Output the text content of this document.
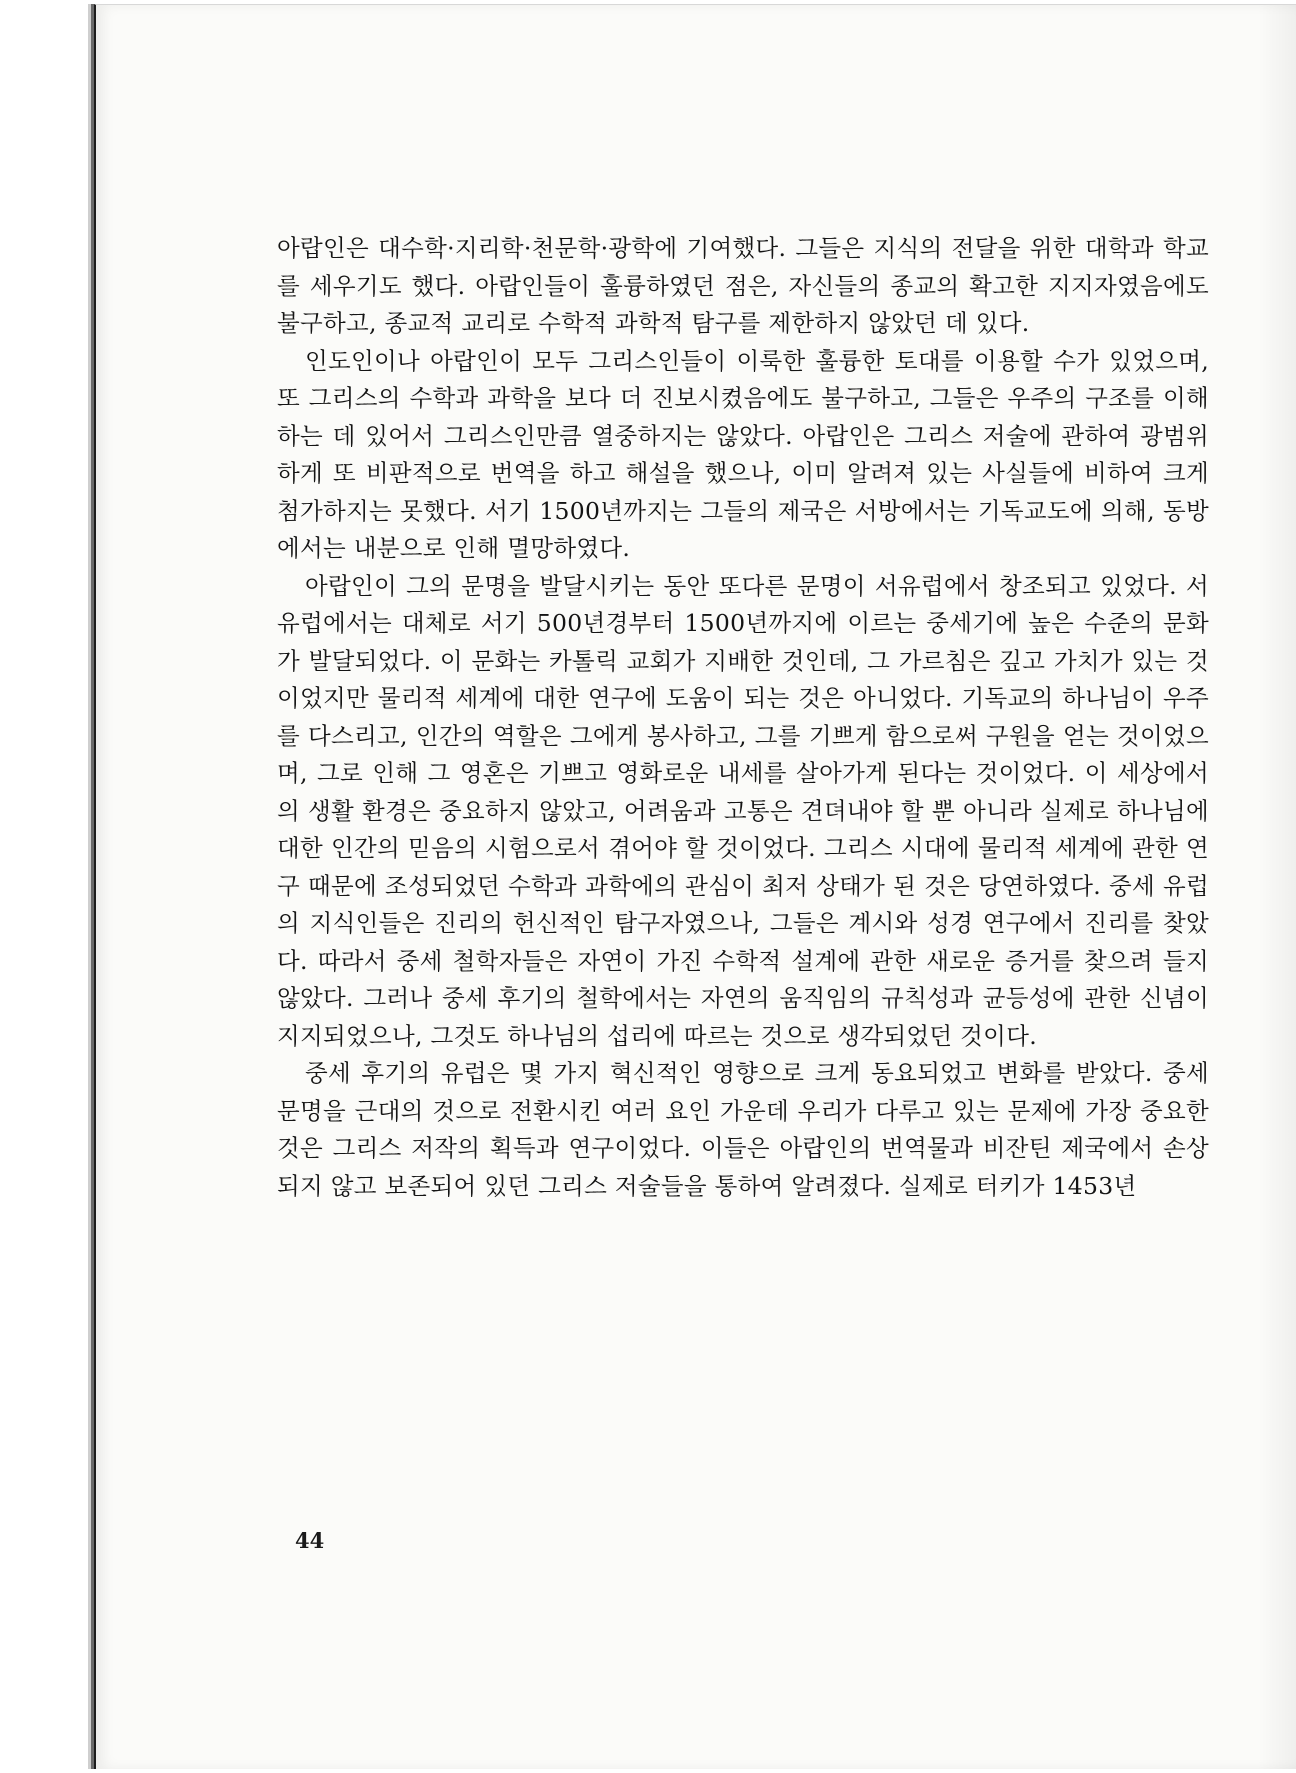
아랍인은 대수학·지리학·천문학·광학에 기여했다. 그들은 지식의 전달을 위한 대학과 학교를 세우기도 했다. 아랍인들이 훌륭하였던 점은, 자신들의 종교의 확고한 지지자였음에도 불구하고, 종교적 교리로 수학적 과학적 탐구를 제한하지 않았던 데 있다.

인도인이나 아랍인이 모두 그리스인들이 이룩한 훌륭한 토대를 이용할 수가 있었으며, 또 그리스의 수학과 과학을 보다 더 진보시켰음에도 불구하고, 그들은 우주의 구조를 이해하는 데 있어서 그리스인만큼 열중하지는 않았다. 아랍인은 그리스 저술에 관하여 광범위하게 또 비판적으로 번역을 하고 해설을 했으나, 이미 알려져 있는 사실들에 비하여 크게 첨가하지는 못했다. 서기 1500년까지는 그들의 제국은 서방에서는 기독교도에 의해, 동방에서는 내분으로 인해 멸망하였다.

아랍인이 그의 문명을 발달시키는 동안 또다른 문명이 서유럽에서 창조되고 있었다. 서유럽에서는 대체로 서기 500년경부터 1500년까지에 이르는 중세기에 높은 수준의 문화가 발달되었다. 이 문화는 카톨릭 교회가 지배한 것인데, 그 가르침은 깊고 가치가 있는 것이었지만 물리적 세계에 대한 연구에 도움이 되는 것은 아니었다. 기독교의 하나님이 우주를 다스리고, 인간의 역할은 그에게 봉사하고, 그를 기쁘게 함으로써 구원을 얻는 것이었으며, 그로 인해 그 영혼은 기쁘고 영화로운 내세를 살아가게 된다는 것이었다. 이 세상에서의 생활 환경은 중요하지 않았고, 어려움과 고통은 견뎌내야 할 뿐 아니라 실제로 하나님에 대한 인간의 믿음의 시험으로서 겪어야 할 것이었다. 그리스 시대에 물리적 세계에 관한 연구 때문에 조성되었던 수학과 과학에의 관심이 최저 상태가 된 것은 당연하였다. 중세 유럽의 지식인들은 진리의 헌신적인 탐구자였으나, 그들은 계시와 성경 연구에서 진리를 찾았다. 따라서 중세 철학자들은 자연이 가진 수학적 설계에 관한 새로운 증거를 찾으려 들지 않았다. 그러나 중세 후기의 철학에서는 자연의 움직임의 규칙성과 균등성에 관한 신념이 지지되었으나, 그것도 하나님의 섭리에 따르는 것으로 생각되었던 것이다.

중세 후기의 유럽은 몇 가지 혁신적인 영향으로 크게 동요되었고 변화를 받았다. 중세 문명을 근대의 것으로 전환시킨 여러 요인 가운데 우리가 다루고 있는 문제에 가장 중요한 것은 그리스 저작의 획득과 연구이었다. 이들은 아랍인의 번역물과 비잔틴 제국에서 손상되지 않고 보존되어 있던 그리스 저술들을 통하여 알려졌다. 실제로 터키가 1453년

44
